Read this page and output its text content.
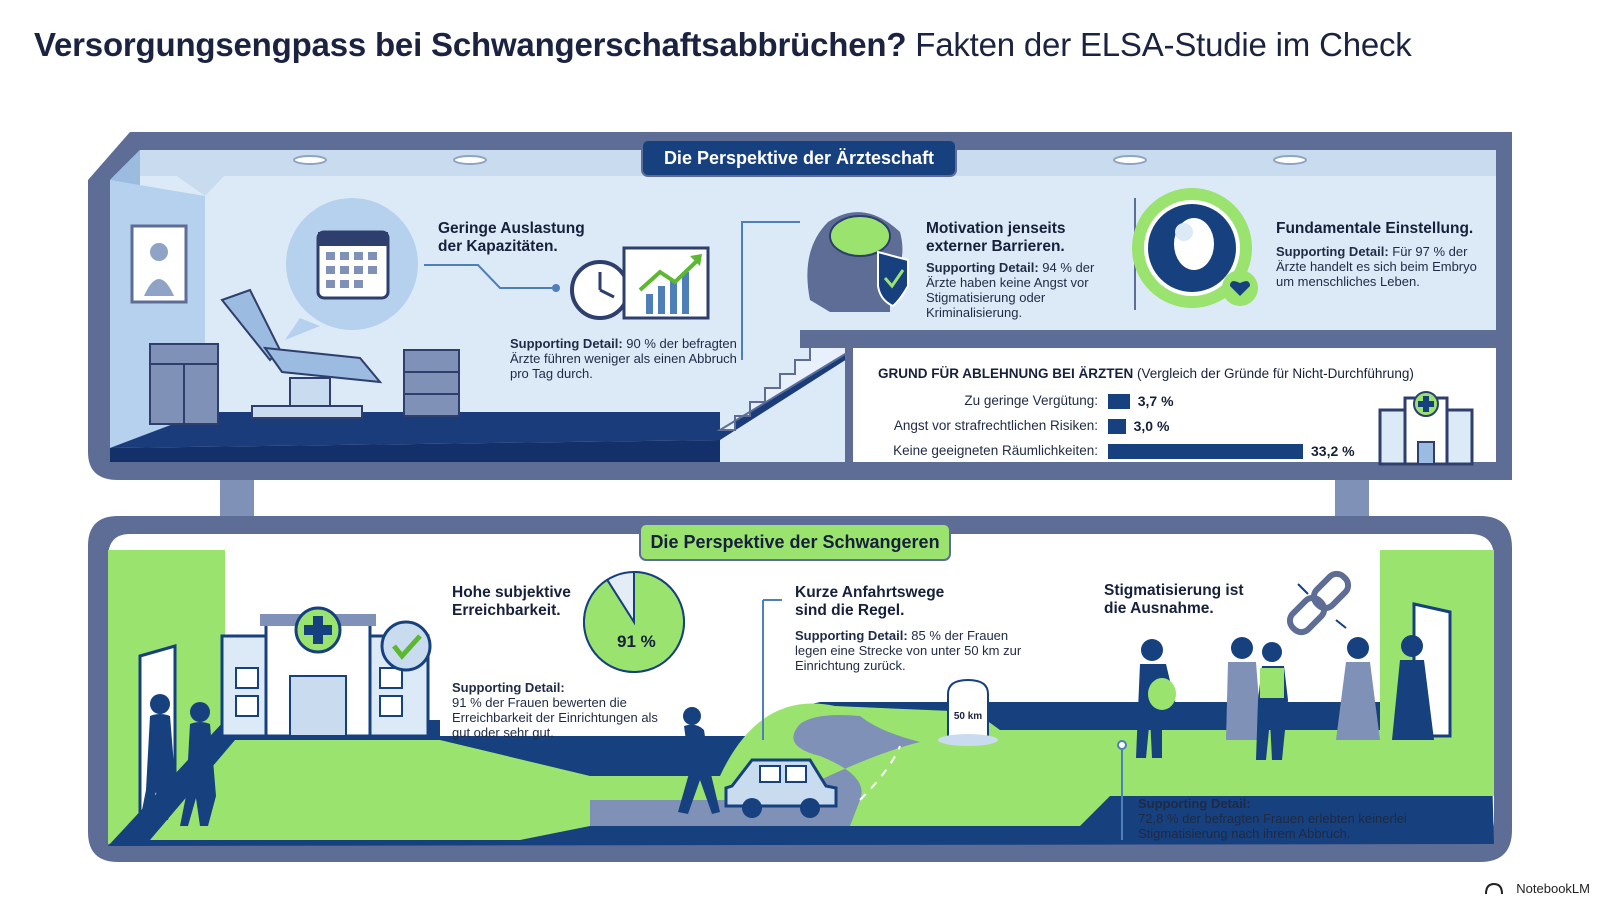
Versorgungsengpass bei Schwangerschaftsabbrüchen? Fakten der ELSA-Studie im Check
Die Perspektive der Ärzteschaft
Die Perspektive der Schwangeren
Geringe Auslastung
der Kapazitäten.
Supporting Detail: 90 % der befragten Ärzte führen weniger als einen Abbruch pro Tag durch.
Motivation jenseits
externer Barrieren.
Supporting Detail: 94 % der Ärzte haben keine Angst vor Stigmatisierung oder Kriminalisierung.
Fundamentale Einstellung.
Supporting Detail: Für 97 % der Ärzte handelt es sich beim Embryo um menschliches Leben.
GRUND FÜR ABLEHNUNG BEI ÄRZTEN (Vergleich der Gründe für Nicht-Durchführung)
Zu geringe Vergütung:	3,7 %
Angst vor strafrechtlichen Risiken:	3,0 %
Keine geeigneten Räumlichkeiten:	33,2 %
Hohe subjektive
Erreichbarkeit.
91 %
Supporting Detail:
91 % der Frauen bewerten die Erreichbarkeit der Einrichtungen als gut oder sehr gut.
Kurze Anfahrtswege
sind die Regel.
Supporting Detail: 85 % der Frauen legen eine Strecke von unter 50 km zur Einrichtung zurück.
50 km
Stigmatisierung ist
die Ausnahme.
Supporting Detail:
72,8 % der befragten Frauen erlebten keinerlei Stigmatisierung nach ihrem Abbruch.
NotebookLM
